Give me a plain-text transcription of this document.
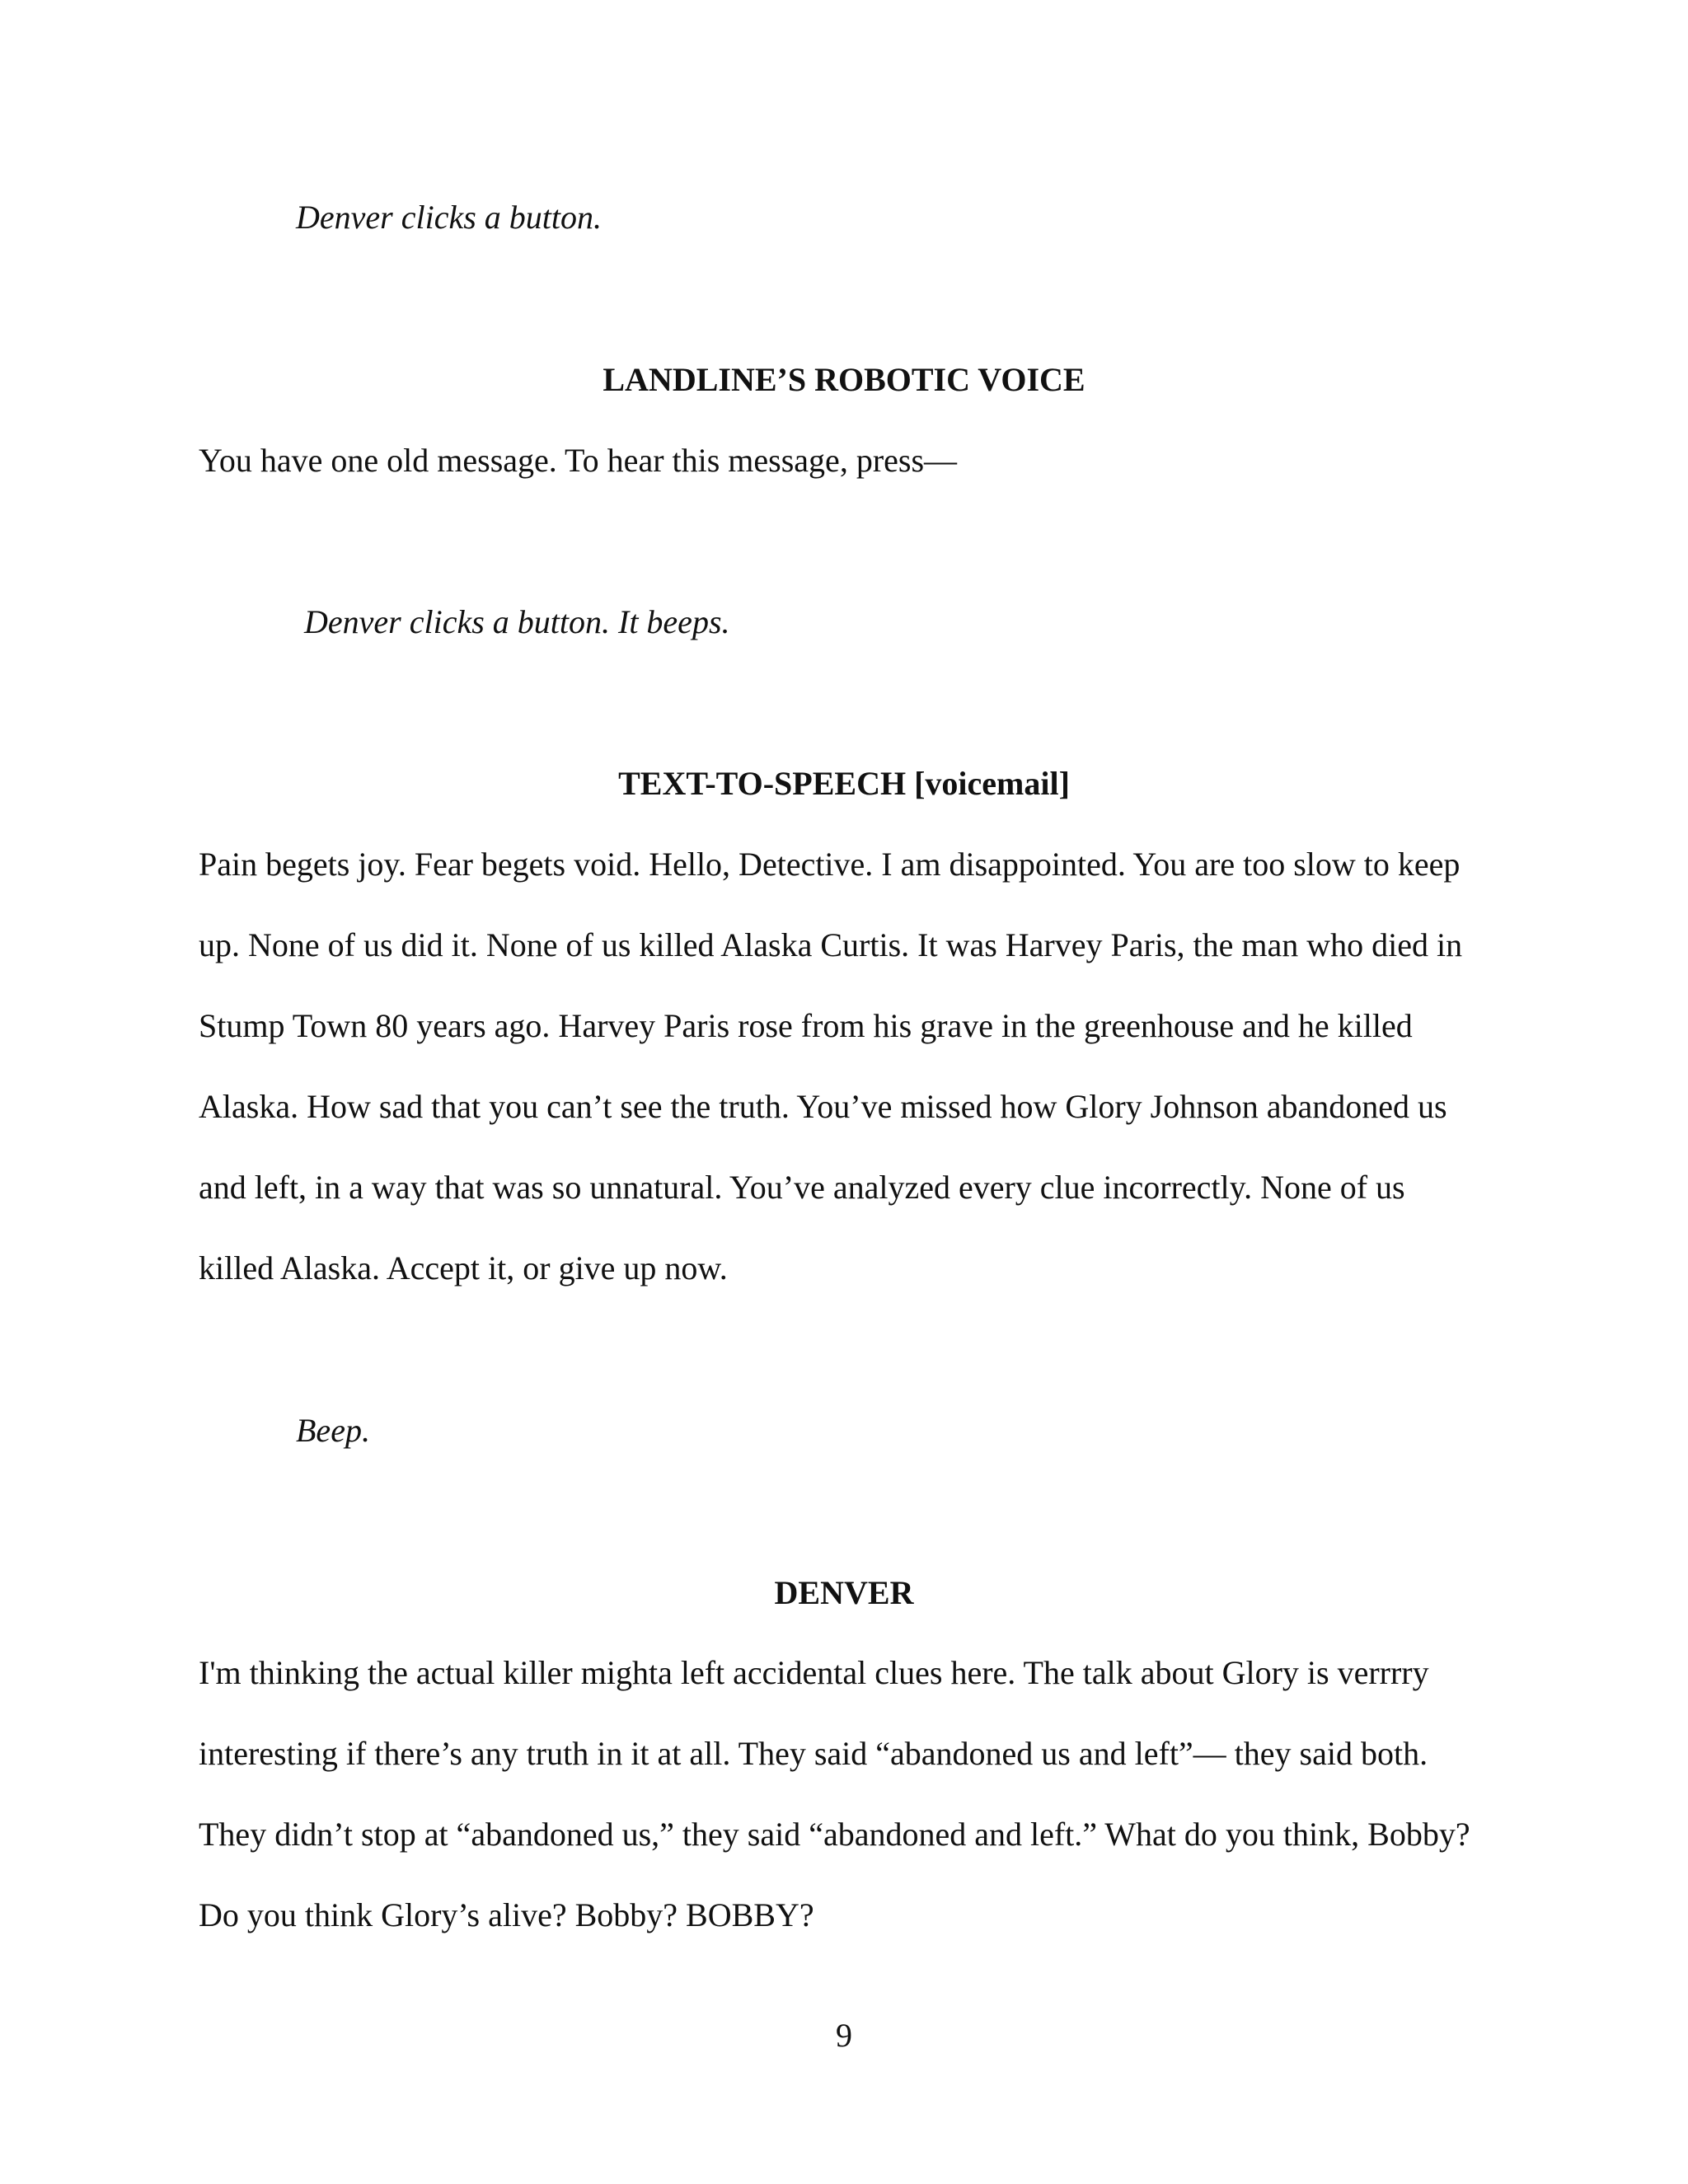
Denver clicks a button.
LANDLINE’S ROBOTIC VOICE
You have one old message. To hear this message, press—
Denver clicks a button. It beeps.
TEXT-TO-SPEECH [voicemail]
Pain begets joy. Fear begets void. Hello, Detective. I am disappointed. You are too slow to keep
up. None of us did it. None of us killed Alaska Curtis. It was Harvey Paris, the man who died in
Stump Town 80 years ago. Harvey Paris rose from his grave in the greenhouse and he killed
Alaska. How sad that you can’t see the truth. You’ve missed how Glory Johnson abandoned us
and left, in a way that was so unnatural. You’ve analyzed every clue incorrectly. None of us
killed Alaska. Accept it, or give up now.
Beep.
DENVER
I'm thinking the actual killer mighta left accidental clues here. The talk about Glory is verrrry
interesting if there’s any truth in it at all. They said “abandoned us and left”— they said both.
They didn’t stop at “abandoned us,” they said “abandoned and left.” What do you think, Bobby?
Do you think Glory’s alive? Bobby? BOBBY?
9
